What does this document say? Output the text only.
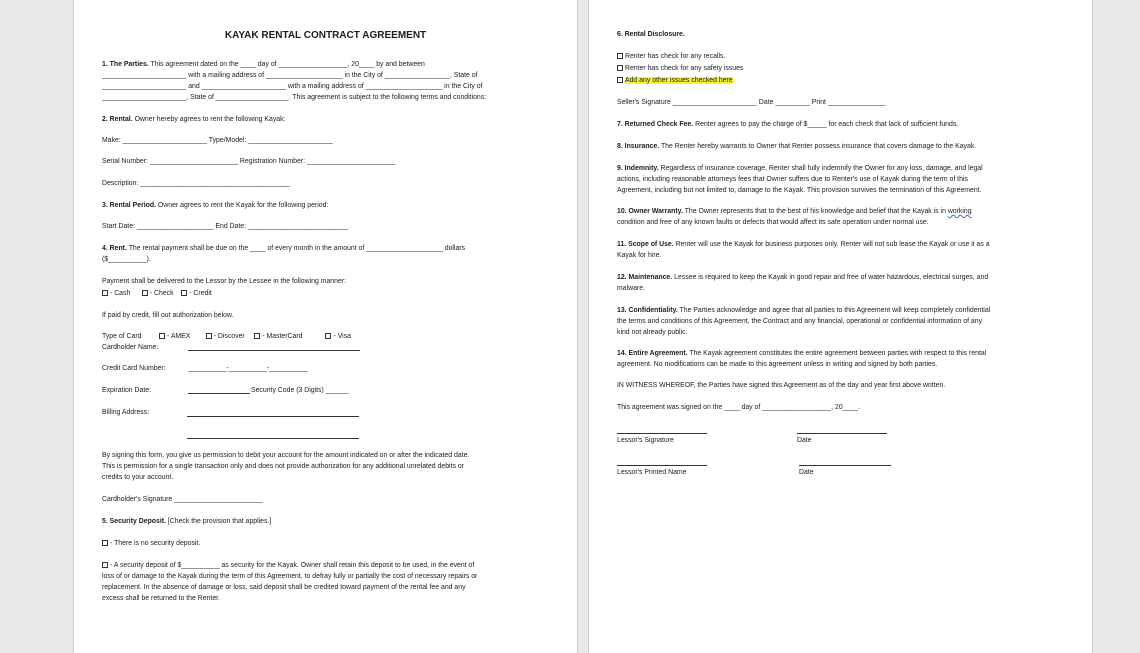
KAYAK RENTAL CONTRACT AGREEMENT
1. The Parties. This agreement dated on the ____ day of __________________, 20____ by and between
______________________ with a mailing address of ____________________ in the City of _________________, State of
______________________ and ______________________ with a mailing address of ____________________ in the City of
______________________, State of ___________________. This agreement is subject to the following terms and conditions:
2. Rental. Owner hereby agrees to rent the following Kayak:
Make: ______________________ Type/Model: ______________________
Serial Number: _______________________ Registration Number: _______________________
Description: _______________________________________
3. Rental Period. Owner agrees to rent the Kayak for the following period:
Start Date: ____________________ End Date: __________________________
4. Rent. The rental payment shall be due on the ____ of every month in the amount of ____________________ dollars
($__________).
Payment shall be delivered to the Lessor by the Lessee in the following manner:
- Cash	- Check - Credit
If paid by credit, fill out authorization below.
Type of Card	- AMEX	- Discover	- MasterCard	- Visa
Cardholder Name:
Credit Card Number:	__________-__________-__________
Expiration Date:	Security Code (3 Digits) ______
Billing Address:
By signing this form, you give us permission to debit your account for the amount indicated on or after the indicated date.
This is permission for a single transaction only and does not provide authorization for any additional unrelated debits or
credits to your account.
Cardholder's Signature _______________________
5. Security Deposit. [Check the provision that applies.]
- There is no security deposit.
- A security deposit of $__________ as security for the Kayak. Owner shall retain this deposit to be used, in the event of
loss of or damage to the Kayak during the term of this Agreement, to defray fully or partially the cost of necessary repairs or
replacement. In the absence of damage or loss, said deposit shall be credited toward payment of the rental fee and any
excess shall be returned to the Renter.
6. Rental Disclosure.
Renter has check for any recalls.
Renter has check for any safety issues
Add any other issues checked here
Seller's Signature ______________________ Date _________ Print _______________
7. Returned Check Fee. Renter agrees to pay the charge of $_____ for each check that lack of sufficient funds.
8. Insurance. The Renter hereby warrants to Owner that Renter possess insurance that covers damage to the Kayak.
9. Indemnity. Regardless of insurance coverage, Renter shall fully indemnify the Owner for any loss, damage, and legal
actions, including reasonable attorneys fees that Owner suffers due to Renter's use of Kayak during the term of this
Agreement, including but not limited to, damage to the Kayak. This provision survives the termination of this Agreement.
10. Owner Warranty. The Owner represents that to the best of his knowledge and belief that the Kayak is in working
condition and free of any known faults or defects that would affect its safe operation under normal use.
11. Scope of Use. Renter will use the Kayak for business purposes only. Renter will not sub lease the Kayak or use it as a
Kayak for hire.
12. Maintenance. Lessee is required to keep the Kayak in good repair and free of water hazardous, electrical surges, and
malware.
13. Confidentiality. The Parties acknowledge and agree that all parties to this Agreement will keep completely confidential
the terms and conditions of this Agreement, the Contract and any financial, operational or confidential information of any
kind not already public.
14. Entire Agreement. The Kayak agreement constitutes the entire agreement between parties with respect to this rental
agreement. No modifications can be made to this agreement unless in writing and signed by both parties.
IN WITNESS WHEREOF, the Parties have signed this Agreement as of the day and year first above written.
This agreement was signed on the ____ day of __________________, 20____.
Lessor's Signature	Date
Lessor's Printed Name	Date
